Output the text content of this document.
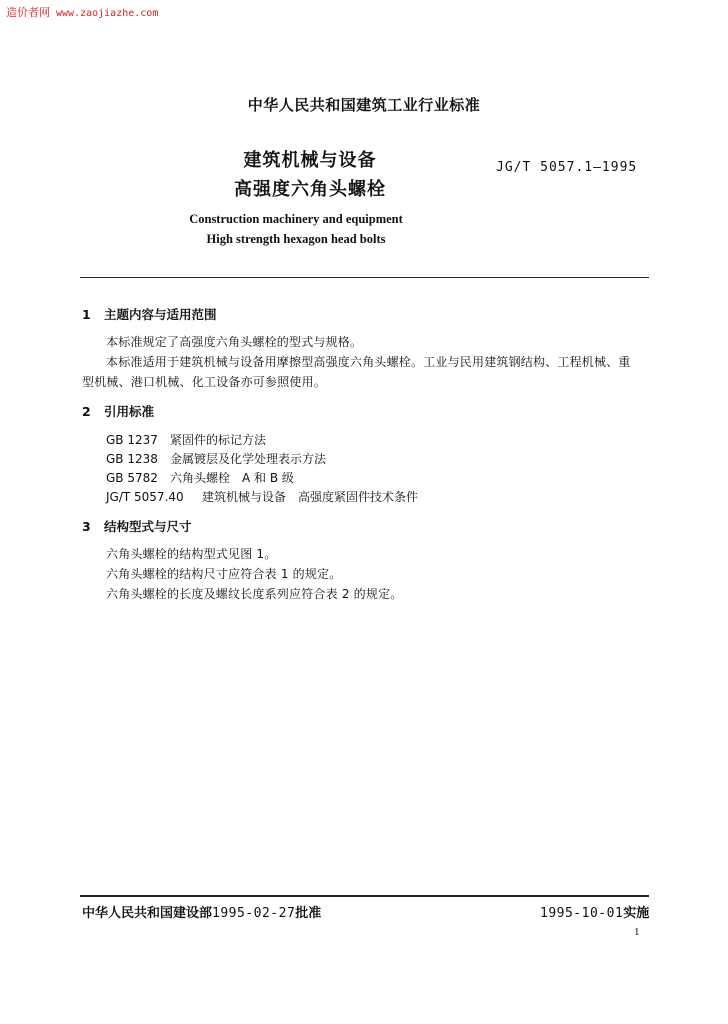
造价者网 www.zaojiazhe.com
中华人民共和国建筑工业行业标准
建筑机械与设备
高强度六角头螺栓
JG/T 5057.1—1995
Construction machinery and equipment
High strength hexagon head bolts
1 主题内容与适用范围
本标准规定了高强度六角头螺栓的型式与规格。
本标准适用于建筑机械与设备用摩擦型高强度六角头螺栓。工业与民用建筑钢结构、工程机械、重
型机械、港口机械、化工设备亦可参照使用。
2 引用标准
GB 1237 紧固件的标记方法
GB 1238 金属镀层及化学处理表示方法
GB 5782 六角头螺栓　A 和 B 级
JG/T 5057.40 建筑机械与设备　高强度紧固件技术条件
3 结构型式与尺寸
六角头螺栓的结构型式见图 1。
六角头螺栓的结构尺寸应符合表 1 的规定。
六角头螺栓的长度及螺纹长度系列应符合表 2 的规定。
中华人民共和国建设部1995-02-27批准	1995-10-01实施
1
